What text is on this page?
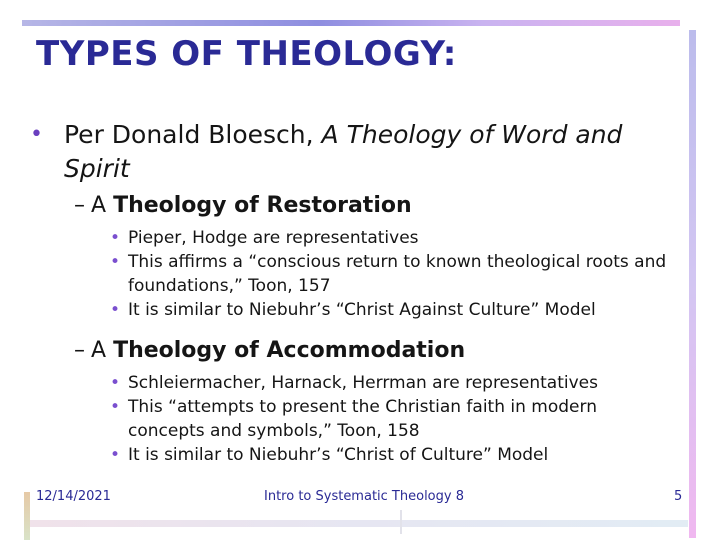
TYPES OF THEOLOGY:
• Per Donald Bloesch, A Theology of Word and Spirit
– A Theology of Restoration
• Pieper, Hodge are representatives
• This affirms a “conscious return to known theological roots and foundations,” Toon, 157
• It is similar to Niebuhr’s “Christ Against Culture” Model
– A Theology of Accommodation
• Schleiermacher, Harnack, Herrman are representatives
• This “attempts to present the Christian faith in modern concepts and symbols,” Toon, 158
• It is similar to Niebuhr’s “Christ of Culture” Model
12/14/2021	Intro to Systematic Theology 8	5
